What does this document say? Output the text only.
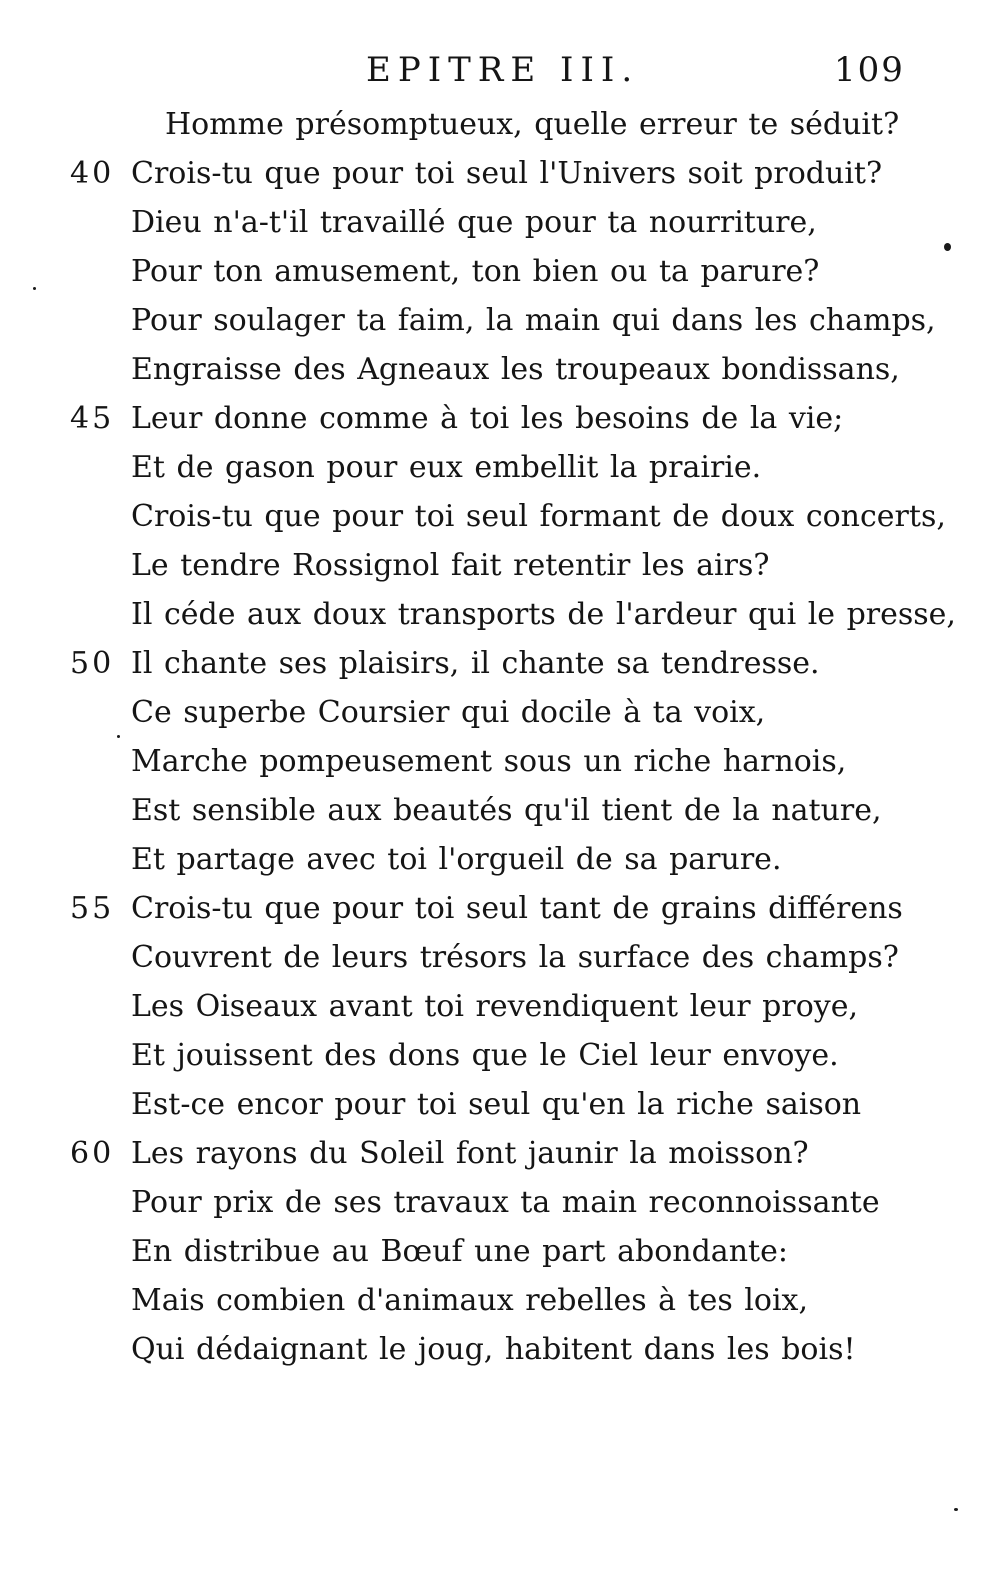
EPITRE III.	109
Homme présomptueux, quelle erreur te séduit?
40 Crois-tu que pour toi seul l'Univers soit produit?
Dieu n'a-t'il travaillé que pour ta nourriture,
Pour ton amusement, ton bien ou ta parure?
Pour soulager ta faim, la main qui dans les champs,
Engraisse des Agneaux les troupeaux bondissans,
45 Leur donne comme à toi les besoins de la vie;
Et de gason pour eux embellit la prairie.
Crois-tu que pour toi seul formant de doux concerts,
Le tendre Rossignol fait retentir les airs?
Il céde aux doux transports de l'ardeur qui le presse,
50 Il chante ses plaisirs, il chante sa tendresse.
Ce superbe Coursier qui docile à ta voix,
Marche pompeusement sous un riche harnois,
Est sensible aux beautés qu'il tient de la nature,
Et partage avec toi l'orgueil de sa parure.
55 Crois-tu que pour toi seul tant de grains différens
Couvrent de leurs trésors la surface des champs?
Les Oiseaux avant toi revendiquent leur proye,
Et jouissent des dons que le Ciel leur envoye.
Est-ce encor pour toi seul qu'en la riche saison
60 Les rayons du Soleil font jaunir la moisson?
Pour prix de ses travaux ta main reconnoissante
En distribue au Bœuf une part abondante:
Mais combien d'animaux rebelles à tes loix,
Qui dédaignant le joug, habitent dans les bois!
